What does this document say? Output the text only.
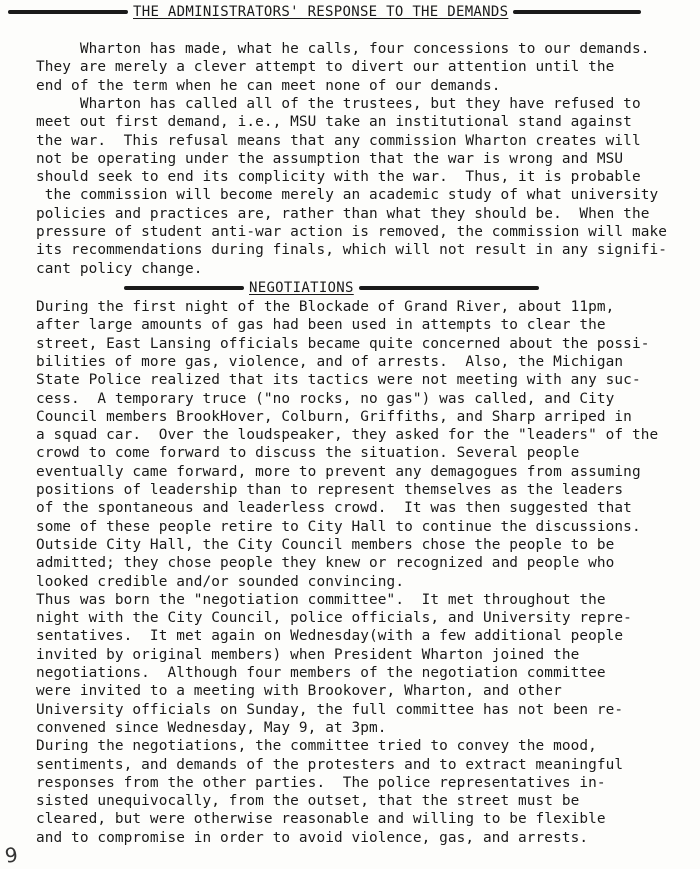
THE ADMINISTRATORS' RESPONSE TO THE DEMANDS
Wharton has made, what he calls, four concessions to our demands.
They are merely a clever attempt to divert our attention until the
end of the term when he can meet none of our demands.
Wharton has called all of the trustees, but they have refused to
meet out first demand, i.e., MSU take an institutional stand against
the war.  This refusal means that any commission Wharton creates will
not be operating under the assumption that the war is wrong and MSU
should seek to end its complicity with the war.  Thus, it is probable
the commission will become merely an academic study of what university
policies and practices are, rather than what they should be.  When the
pressure of student anti-war action is removed, the commission will make
its recommendations during finals, which will not result in any signifi-
cant policy change.
NEGOTIATIONS
During the first night of the Blockade of Grand River, about 11pm,
after large amounts of gas had been used in attempts to clear the
street, East Lansing officials became quite concerned about the possi-
bilities of more gas, violence, and of arrests.  Also, the Michigan
State Police realized that its tactics were not meeting with any suc-
cess.  A temporary truce ("no rocks, no gas") was called, and City
Council members BrookHover, Colburn, Griffiths, and Sharp arriped in
a squad car.  Over the loudspeaker, they asked for the "leaders" of the
crowd to come forward to discuss the situation. Several people
eventually came forward, more to prevent any demagogues from assuming
positions of leadership than to represent themselves as the leaders
of the spontaneous and leaderless crowd.  It was then suggested that
some of these people retire to City Hall to continue the discussions.
Outside City Hall, the City Council members chose the people to be
admitted; they chose people they knew or recognized and people who
looked credible and/or sounded convincing.
Thus was born the "negotiation committee".  It met throughout the
night with the City Council, police officials, and University repre-
sentatives.  It met again on Wednesday(with a few additional people
invited by original members) when President Wharton joined the
negotiations.  Although four members of the negotiation committee
were invited to a meeting with Brookover, Wharton, and other
University officials on Sunday, the full committee has not been re-
convened since Wednesday, May 9, at 3pm.
During the negotiations, the committee tried to convey the mood,
sentiments, and demands of the protesters and to extract meaningful
responses from the other parties.  The police representatives in-
sisted unequivocally, from the outset, that the street must be
cleared, but were otherwise reasonable and willing to be flexible
and to compromise in order to avoid violence, gas, and arrests.
9
